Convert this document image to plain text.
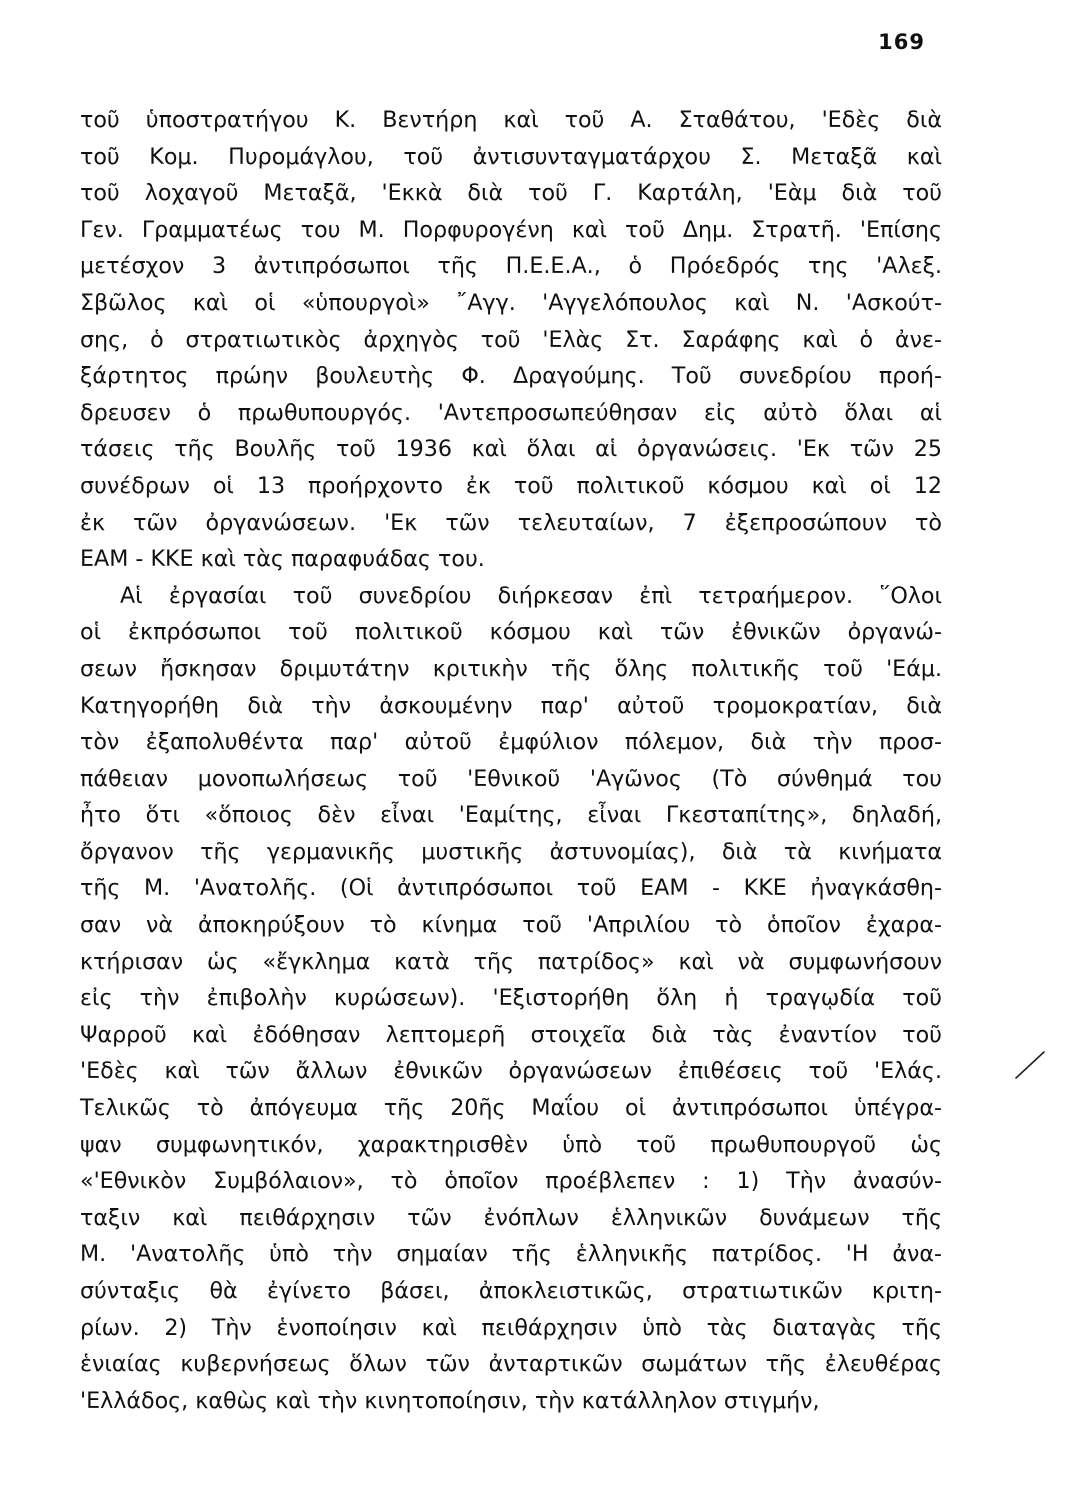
169
τοῦ ὑποστρατήγου Κ. Βεντήρη καὶ τοῦ Α. Σταθάτου, 'Εδὲς διὰ
τοῦ Κομ. Πυρομάγλου, τοῦ ἀντισυνταγματάρχου Σ. Μεταξᾶ καὶ
τοῦ λοχαγοῦ Μεταξᾶ, 'Εκκὰ διὰ τοῦ Γ. Καρτάλη, 'Εὰμ διὰ τοῦ
Γεν. Γραμματέως του Μ. Πορφυρογένη καὶ τοῦ Δημ. Στρατῆ. 'Επίσης
μετέσχον 3 ἀντιπρόσωποι τῆς Π.Ε.Ε.Α., ὁ Πρόεδρός της 'Αλεξ.
Σβῶλος καὶ οἱ «ὑπουργοὶ» ῎Αγγ. 'Αγγελόπουλος καὶ Ν. 'Ασκούτ-
σης, ὁ στρατιωτικὸς ἀρχηγὸς τοῦ 'Ελὰς Στ. Σαράφης καὶ ὁ ἀνε-
ξάρτητος πρώην βουλευτὴς Φ. Δραγούμης. Τοῦ συνεδρίου προή-
δρευσεν ὁ πρωθυπουργός. 'Αντεπροσωπεύθησαν εἰς αὐτὸ ὅλαι αἱ
τάσεις τῆς Βουλῆς τοῦ 1936 καὶ ὅλαι αἱ ὀργανώσεις. 'Εκ τῶν 25
συνέδρων οἱ 13 προήρχοντο ἐκ τοῦ πολιτικοῦ κόσμου καὶ οἱ 12
ἐκ τῶν ὀργανώσεων. 'Εκ τῶν τελευταίων, 7 ἐξεπροσώπουν τὸ
ΕΑΜ - ΚΚΕ καὶ τὰς παραφυάδας του.
Αἱ ἐργασίαι τοῦ συνεδρίου διήρκεσαν ἐπὶ τετραήμερον. ῞Ολοι
οἱ ἐκπρόσωποι τοῦ πολιτικοῦ κόσμου καὶ τῶν ἐθνικῶν ὀργανώ-
σεων ἤσκησαν δριμυτάτην κριτικὴν τῆς ὅλης πολιτικῆς τοῦ 'Εάμ.
Κατηγορήθη διὰ τὴν ἀσκουμένην παρ' αὐτοῦ τρομοκρατίαν, διὰ
τὸν ἐξαπολυθέντα παρ' αὐτοῦ ἐμφύλιον πόλεμον, διὰ τὴν προσ-
πάθειαν μονοπωλήσεως τοῦ 'Εθνικοῦ 'Αγῶνος (Τὸ σύνθημά του
ἦτο ὅτι «ὅποιος δὲν εἶναι 'Εαμίτης, εἶναι Γκεσταπίτης», δηλαδή,
ὄργανον τῆς γερμανικῆς μυστικῆς ἀστυνομίας), διὰ τὰ κινήματα
τῆς Μ. 'Ανατολῆς. (Οἱ ἀντιπρόσωποι τοῦ ΕΑΜ - ΚΚΕ ἠναγκάσθη-
σαν νὰ ἀποκηρύξουν τὸ κίνημα τοῦ 'Απριλίου τὸ ὁποῖον ἐχαρα-
κτήρισαν ὡς «ἔγκλημα κατὰ τῆς πατρίδος» καὶ νὰ συμφωνήσουν
εἰς τὴν ἐπιβολὴν κυρώσεων). 'Εξιστορήθη ὅλη ἡ τραγῳδία τοῦ
Ψαρροῦ καὶ ἐδόθησαν λεπτομερῆ στοιχεῖα διὰ τὰς ἐναντίον τοῦ
'Εδὲς καὶ τῶν ἄλλων ἐθνικῶν ὀργανώσεων ἐπιθέσεις τοῦ 'Ελάς.
Τελικῶς τὸ ἀπόγευμα τῆς 20ῆς Μαΐου οἱ ἀντιπρόσωποι ὑπέγρα-
ψαν συμφωνητικόν, χαρακτηρισθὲν ὑπὸ τοῦ πρωθυπουργοῦ ὡς
«'Εθνικὸν Συμβόλαιον», τὸ ὁποῖον προέβλεπεν : 1) Τὴν ἀνασύν-
ταξιν καὶ πειθάρχησιν τῶν ἐνόπλων ἑλληνικῶν δυνάμεων τῆς
Μ. 'Ανατολῆς ὑπὸ τὴν σημαίαν τῆς ἑλληνικῆς πατρίδος. 'Η ἀνα-
σύνταξις θὰ ἐγίνετο βάσει, ἀποκλειστικῶς, στρατιωτικῶν κριτη-
ρίων. 2) Τὴν ἑνοποίησιν καὶ πειθάρχησιν ὑπὸ τὰς διαταγὰς τῆς
ἑνιαίας κυβερνήσεως ὅλων τῶν ἀνταρτικῶν σωμάτων τῆς ἐλευθέρας
'Ελλάδος, καθὼς καὶ τὴν κινητοποίησιν, τὴν κατάλληλον στιγμήν,
